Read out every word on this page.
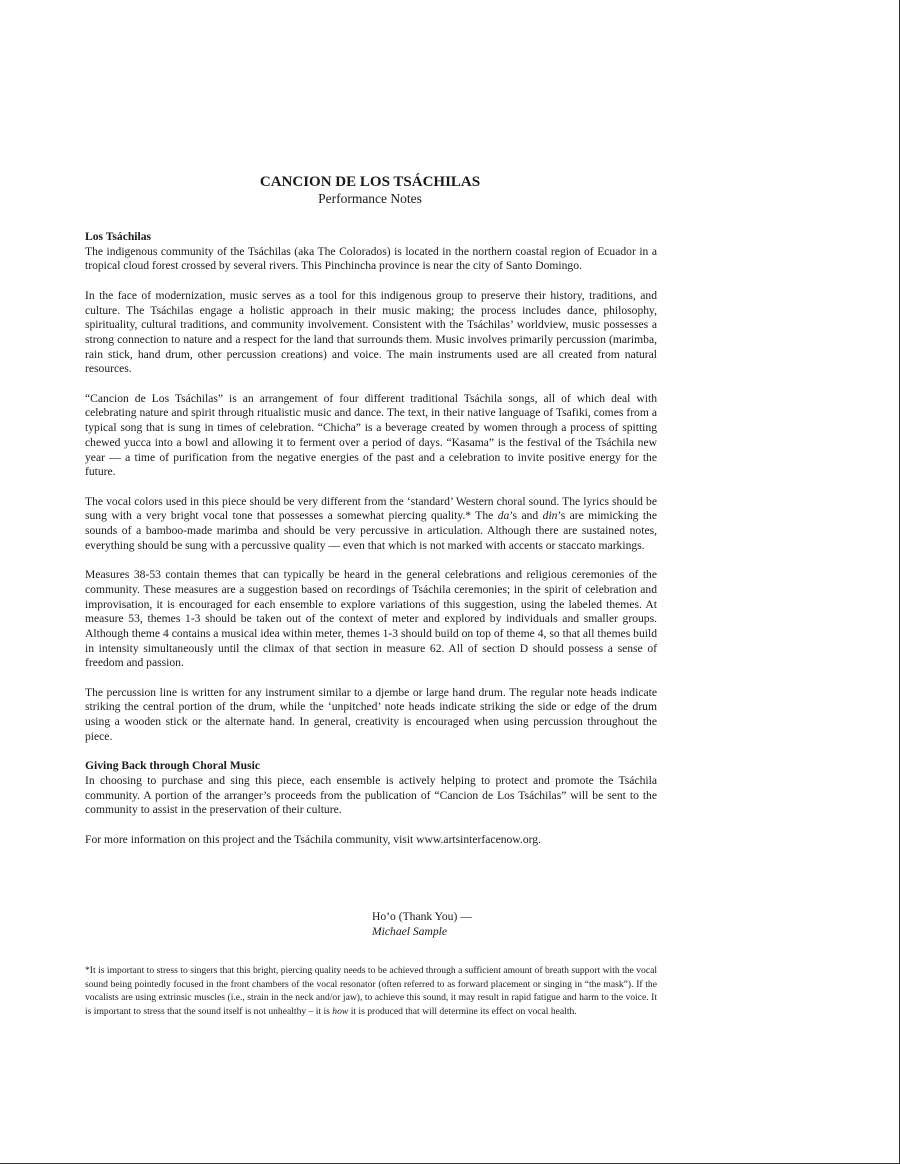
CANCION DE LOS TSÁCHILAS
Performance Notes
Los Tsáchilas

The indigenous community of the Tsáchilas (aka The Colorados) is located in the northern coastal region of Ecuador in a tropical cloud forest crossed by several rivers. This Pinchincha province is near the city of Santo Domingo.

In the face of modernization, music serves as a tool for this indigenous group to preserve their history, traditions, and culture. The Tsáchilas engage a holistic approach in their music making; the process includes dance, philosophy, spirituality, cultural traditions, and community involvement. Consistent with the Tsáchilas’ worldview, music possesses a strong connection to nature and a respect for the land that surrounds them. Music involves primarily percussion (marimba, rain stick, hand drum, other percussion creations) and voice. The main instruments used are all created from natural resources.

“Cancion de Los Tsáchilas” is an arrangement of four different traditional Tsáchila songs, all of which deal with celebrating nature and spirit through ritualistic music and dance. The text, in their native language of Tsafiki, comes from a typical song that is sung in times of celebration. “Chicha” is a beverage created by women through a process of spitting chewed yucca into a bowl and allowing it to ferment over a period of days. “Kasama” is the festival of the Tsáchila new year — a time of purification from the negative energies of the past and a celebration to invite positive energy for the future.

The vocal colors used in this piece should be very different from the ‘standard’ Western choral sound. The lyrics should be sung with a very bright vocal tone that possesses a somewhat piercing quality.* The da’s and din’s are mimicking the sounds of a bamboo-made marimba and should be very percussive in articulation. Although there are sustained notes, everything should be sung with a percussive quality — even that which is not marked with accents or staccato markings.

Measures 38-53 contain themes that can typically be heard in the general celebrations and religious ceremonies of the community. These measures are a suggestion based on recordings of Tsáchila ceremonies; in the spirit of celebration and improvisation, it is encouraged for each ensemble to explore variations of this suggestion, using the labeled themes. At measure 53, themes 1-3 should be taken out of the context of meter and explored by individuals and smaller groups. Although theme 4 contains a musical idea within meter, themes 1-3 should build on top of theme 4, so that all themes build in intensity simultaneously until the climax of that section in measure 62. All of section D should possess a sense of freedom and passion.

The percussion line is written for any instrument similar to a djembe or large hand drum. The regular note heads indicate striking the central portion of the drum, while the ‘unpitched’ note heads indicate striking the side or edge of the drum using a wooden stick or the alternate hand. In general, creativity is encouraged when using percussion throughout the piece.

Giving Back through Choral Music

In choosing to purchase and sing this piece, each ensemble is actively helping to protect and promote the Tsáchila community. A portion of the arranger’s proceeds from the publication of “Cancion de Los Tsáchilas” will be sent to the community to assist in the preservation of their culture.

For more information on this project and the Tsáchila community, visit www.artsinterfacenow.org.

Ho’o (Thank You) —
Michael Sample
*It is important to stress to singers that this bright, piercing quality needs to be achieved through a sufficient amount of breath support with the vocal sound being pointedly focused in the front chambers of the vocal resonator (often referred to as forward placement or singing in “the mask”). If the vocalists are using extrinsic muscles (i.e., strain in the neck and/or jaw), to achieve this sound, it may result in rapid fatigue and harm to the voice. It is important to stress that the sound itself is not unhealthy – it is how it is produced that will determine its effect on vocal health.
